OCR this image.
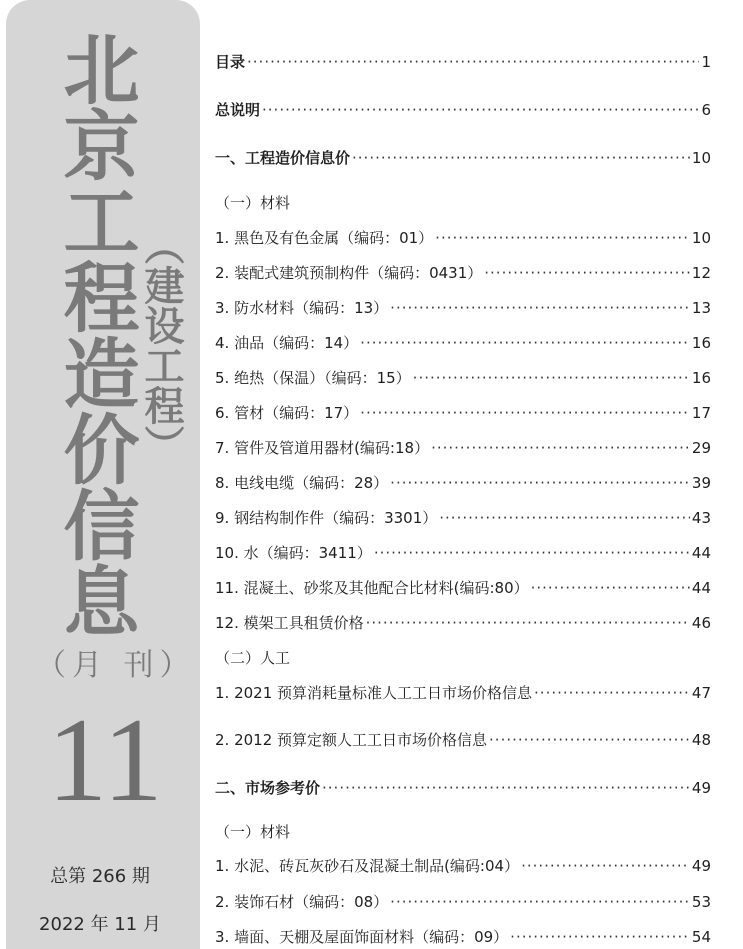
北京工程造价信息
（建设工程）
（月 刊）
11
总第 266 期
2022 年 11 月
目录 ·····	1
总说明 ·····	6
一、工程造价信息价 ·····	10
（一）材料
1. 黑色及有色金属（编码：01） ·····	10
2. 装配式建筑预制构件（编码：0431） ·····	12
3. 防水材料（编码：13） ·····	13
4. 油品（编码：14） ·····	16
5. 绝热（保温）（编码：15） ·····	16
6. 管材（编码：17） ·····	17
7. 管件及管道用器材(编码:18） ·····	29
8. 电线电缆（编码：28） ·····	39
9. 钢结构制作件（编码：3301） ·····	43
10. 水（编码：3411） ·····	44
11. 混凝土、砂浆及其他配合比材料(编码:80） ·····	44
12. 模架工具租赁价格 ·····	46
（二）人工
1. 2021 预算消耗量标准人工工日市场价格信息 ·····	47
2. 2012 预算定额人工工日市场价格信息 ·····	48
二、市场参考价 ·····	49
（一）材料
1. 水泥、砖瓦灰砂石及混凝土制品(编码:04） ·····	49
2. 装饰石材（编码：08） ·····	53
3. 墙面、天棚及屋面饰面材料（编码：09） ·····	54
